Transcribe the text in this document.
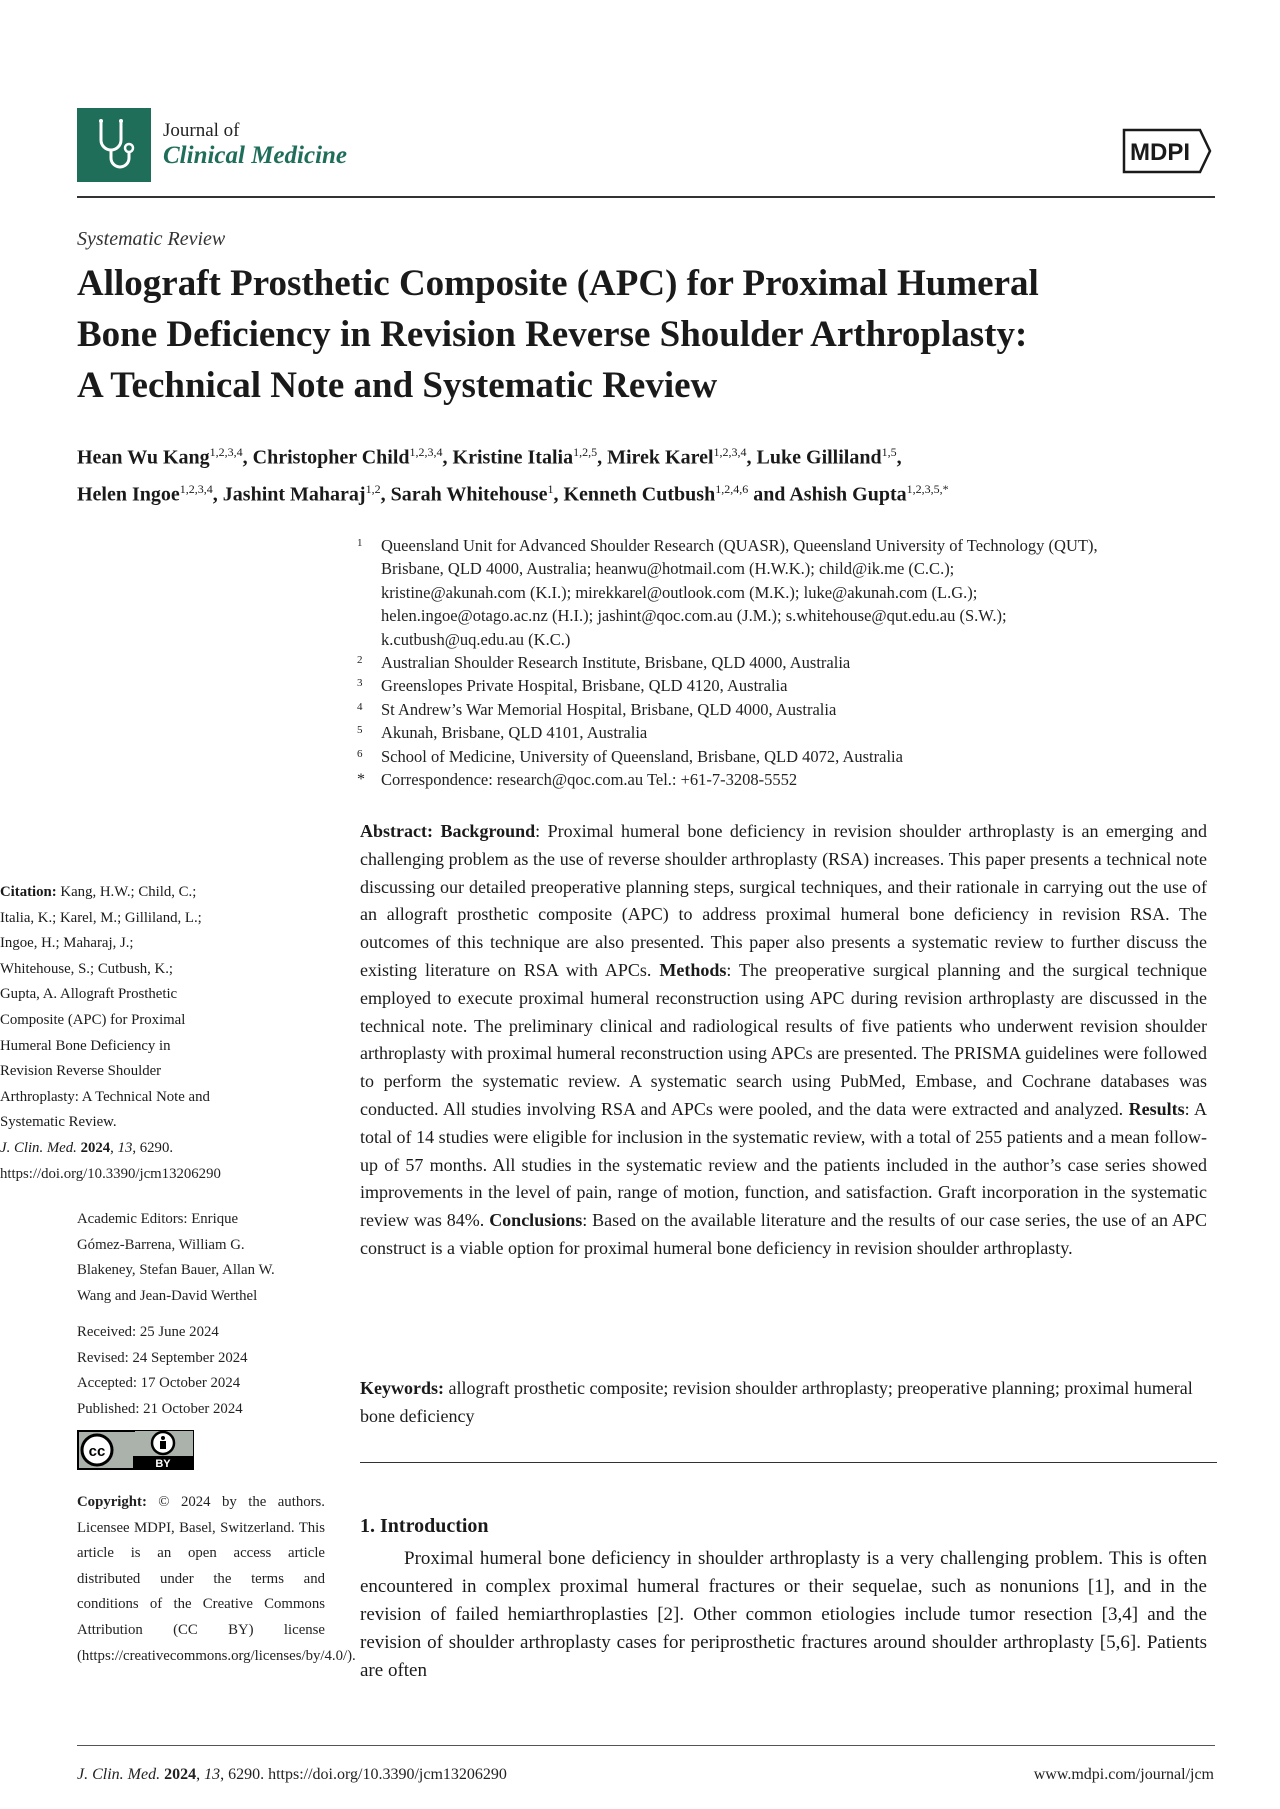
Journal of
Clinical Medicine	MDPI
Systematic Review
Allograft Prosthetic Composite (APC) for Proximal Humeral
Bone Deficiency in Revision Reverse Shoulder Arthroplasty:
A Technical Note and Systematic Review
Hean Wu Kang$^{1,2,3,4}$, Christopher Child$^{1,2,3,4}$, Kristine Italia$^{1,2,5}$, Mirek Karel$^{1,2,3,4}$, Luke Gilliland$^{1,5}$,
Helen Ingoe$^{1,2,3,4}$, Jashint Maharaj$^{1,2}$, Sarah Whitehouse$^1$, Kenneth Cutbush$^{1,2,4,6}$ and Ashish Gupta$^{1,2,3,5,*}$
1 Queensland Unit for Advanced Shoulder Research (QUASR), Queensland University of Technology (QUT),
Brisbane, QLD 4000, Australia; heanwu@hotmail.com (H.W.K.); child@ik.me (C.C.);
kristine@akunah.com (K.I.); mirekkarel@outlook.com (M.K.); luke@akunah.com (L.G.);
helen.ingoe@otago.ac.nz (H.I.); jashint@qoc.com.au (J.M.); s.whitehouse@qut.edu.au (S.W.);
k.cutbush@uq.edu.au (K.C.)
2 Australian Shoulder Research Institute, Brisbane, QLD 4000, Australia
3 Greenslopes Private Hospital, Brisbane, QLD 4120, Australia
4 St Andrew’s War Memorial Hospital, Brisbane, QLD 4000, Australia
5 Akunah, Brisbane, QLD 4101, Australia
6 School of Medicine, University of Queensland, Brisbane, QLD 4072, Australia
* Correspondence: research@qoc.com.au Tel.: +61-7-3208-5552
Citation: Kang, H.W.; Child, C.;
Italia, K.; Karel, M.; Gilliland, L.;
Ingoe, H.; Maharaj, J.;
Whitehouse, S.; Cutbush, K.;
Gupta, A. Allograft Prosthetic
Composite (APC) for Proximal
Humeral Bone Deficiency in
Revision Reverse Shoulder
Arthroplasty: A Technical Note and
Systematic Review.
J. Clin. Med. 2024, 13, 6290.
https://doi.org/10.3390/jcm13206290
Academic Editors: Enrique
Gómez-Barrena, William G.
Blakeney, Stefan Bauer, Allan W.
Wang and Jean-David Werthel
Received: 25 June 2024
Revised: 24 September 2024
Accepted: 17 October 2024
Published: 21 October 2024
cc
BY
Copyright: © 2024 by the authors. Licensee MDPI, Basel, Switzerland. This article is an open access article distributed under the terms and conditions of the Creative Commons Attribution (CC BY) license (https://creativecommons.org/licenses/by/4.0/).
Abstract: Background: Proximal humeral bone deficiency in revision shoulder arthroplasty is an emerging and challenging problem as the use of reverse shoulder arthroplasty (RSA) increases. This paper presents a technical note discussing our detailed preoperative planning steps, surgical techniques, and their rationale in carrying out the use of an allograft prosthetic composite (APC) to address proximal humeral bone deficiency in revision RSA. The outcomes of this technique are also presented. This paper also presents a systematic review to further discuss the existing literature on RSA with APCs. Methods: The preoperative surgical planning and the surgical technique employed to execute proximal humeral reconstruction using APC during revision arthroplasty are discussed in the technical note. The preliminary clinical and radiological results of five patients who underwent revision shoulder arthroplasty with proximal humeral reconstruction using APCs are presented. The PRISMA guidelines were followed to perform the systematic review. A systematic search using PubMed, Embase, and Cochrane databases was conducted. All studies involving RSA and APCs were pooled, and the data were extracted and analyzed. Results: A total of 14 studies were eligible for inclusion in the systematic review, with a total of 255 patients and a mean follow-up of 57 months. All studies in the systematic review and the patients included in the author’s case series showed improvements in the level of pain, range of motion, function, and satisfaction. Graft incorporation in the systematic review was 84%. Conclusions: Based on the available literature and the results of our case series, the use of an APC construct is a viable option for proximal humeral bone deficiency in revision shoulder arthroplasty.
Keywords: allograft prosthetic composite; revision shoulder arthroplasty; preoperative planning; proximal humeral bone deficiency
1. Introduction
Proximal humeral bone deficiency in shoulder arthroplasty is a very challenging problem. This is often encountered in complex proximal humeral fractures or their sequelae, such as nonunions [1], and in the revision of failed hemiarthroplasties [2]. Other common etiologies include tumor resection [3,4] and the revision of shoulder arthroplasty cases for periprosthetic fractures around shoulder arthroplasty [5,6]. Patients are often
J. Clin. Med. 2024, 13, 6290. https://doi.org/10.3390/jcm13206290	www.mdpi.com/journal/jcm
